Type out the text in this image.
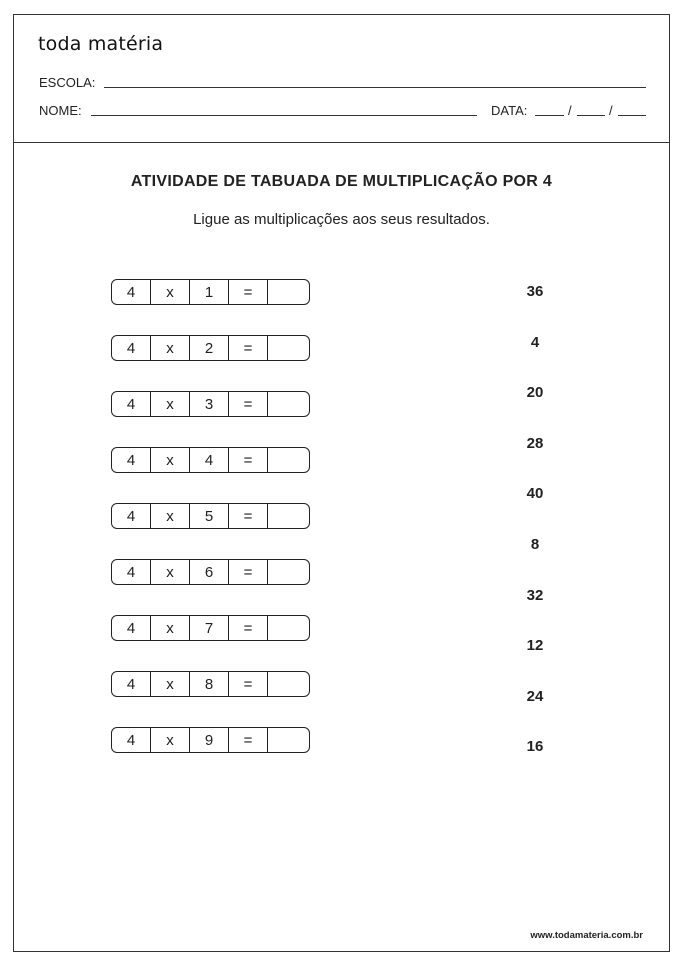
toda matéria
ESCOLA:
NOME:	DATA:	/	/
ATIVIDADE DE TABUADA DE MULTIPLICAÇÃO POR 4
Ligue as multiplicações aos seus resultados.
4	x	1	=
4	x	2	=
4	x	3	=
4	x	4	=
4	x	5	=
4	x	6	=
4	x	7	=
4	x	8	=
4	x	9	=
36
4
20
28
40
8
32
12
24
16
www.todamateria.com.br
